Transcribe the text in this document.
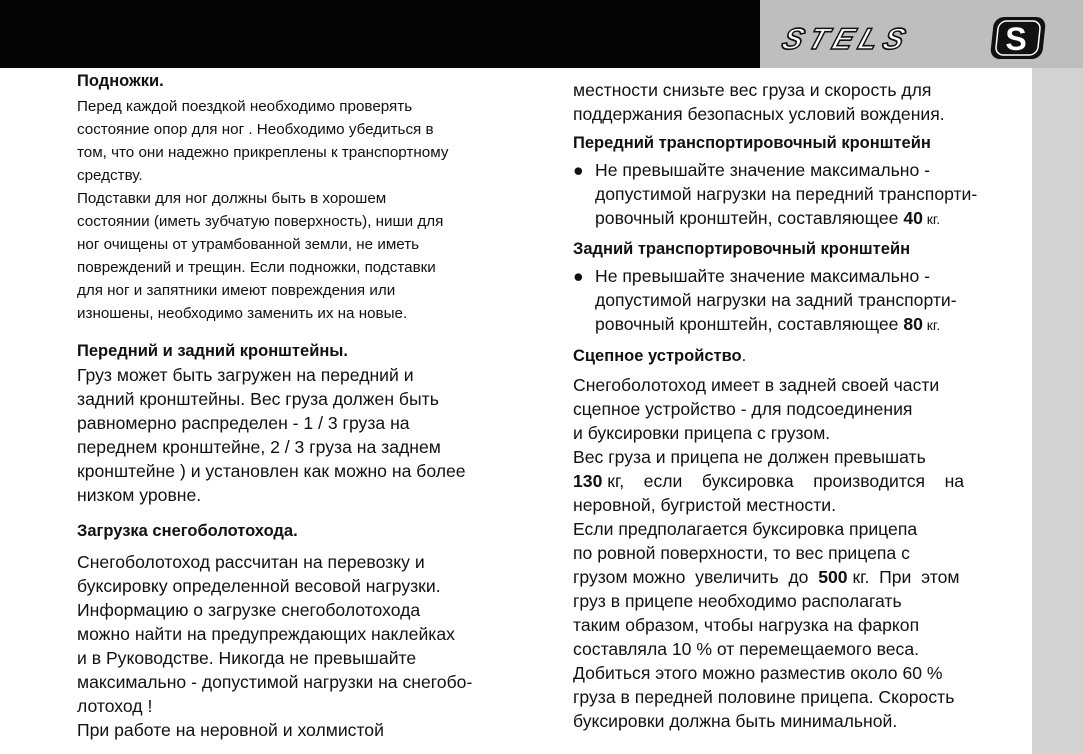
STELS	S

Подножки.

Перед каждой поездкой необходимо проверять
состояние опор для ног . Необходимо убедиться в
том, что они надежно прикреплены к транспортному
средству.
Подставки для ног должны быть в хорошем
состоянии (иметь зубчатую поверхность), ниши для
ног очищены от утрамбованной земли, не иметь
повреждений и трещин. Если подножки, подставки
для ног и запятники имеют повреждения или
изношены, необходимо заменить их на новые.

Передний и задний кронштейны.

Груз может быть загружен на передний и
задний кронштейны. Вес груза должен быть
равномерно распределен - 1 / 3 груза на
переднем кронштейне, 2 / 3 груза на заднем
кронштейне ) и установлен как можно на более
низком уровне.

Загрузка снегоболотохода.

Снегоболотоход рассчитан на перевозку и
буксировку определенной весовой нагрузки.
Информацию о загрузке снегоболотохода
можно найти на предупреждающих наклейках
и в Руководстве. Никогда не превышайте
максимально - допустимой нагрузки на снегобо-
лотоход !
При работе на неровной и холмистой
местности снизьте вес груза и скорость для
поддержания безопасных условий вождения.

Передний транспортировочный кронштейн

● Не превышайте значение максимально -
допустимой нагрузки на передний транспорти-
ровочный кронштейн, составляющее 40 кг.

Задний транспортировочный кронштейн

● Не превышайте значение максимально -
допустимой нагрузки на задний транспорти-
ровочный кронштейн, составляющее 80 кг.

Сцепное устройство.

Снегоболотоход имеет в задней своей части
сцепное устройство - для подсоединения
и буксировки прицепа с грузом.
Вес груза и прицепа не должен превышать
130 кг,    если    буксировка    производится    на
неровной, бугристой местности.
Если предполагается буксировка прицепа
по ровной поверхности, то вес прицепа с
грузом можно  увеличить  до  500 кг.  При  этом
груз в прицепе необходимо располагать
таким образом, чтобы нагрузка на фаркоп
составляла 10 % от перемещаемого веса.
Добиться этого можно разместив около 60 %
груза в передней половине прицепа. Скорость
буксировки должна быть минимальной.
